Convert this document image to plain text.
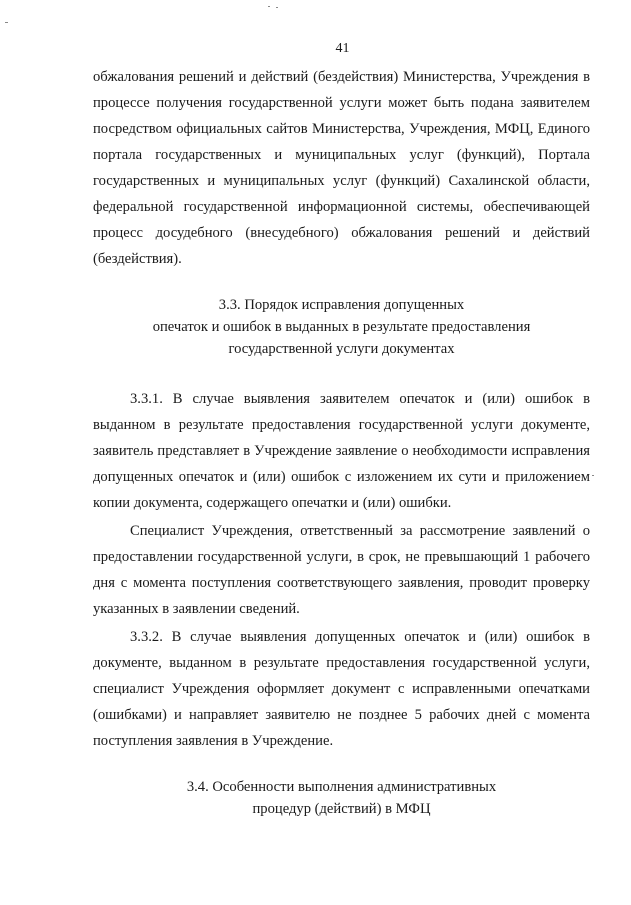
41

обжалования решений и действий (бездействия) Министерства, Учреждения в процессе получения государственной услуги может быть подана заявителем посредством официальных сайтов Министерства, Учреждения, МФЦ, Единого портала государственных и муниципальных услуг (функций), Портала государственных и муниципальных услуг (функций) Сахалинской области, федеральной государственной информационной системы, обеспечивающей процесс досудебного (внесудебного) обжалования решений и действий (бездействия).

3.3. Порядок исправления допущенных

опечаток и ошибок в выданных в результате предоставления

государственной услуги документах

3.3.1. В случае выявления заявителем опечаток и (или) ошибок в выданном в результате предоставления государственной услуги документе, заявитель представляет в Учреждение заявление о необходимости исправления допущенных опечаток и (или) ошибок с изложением их сути и приложением копии документа, содержащего опечатки и (или) ошибки.

Специалист Учреждения, ответственный за рассмотрение заявлений о предоставлении государственной услуги, в срок, не превышающий 1 рабочего дня с момента поступления соответствующего заявления, проводит проверку указанных в заявлении сведений.

3.3.2. В случае выявления допущенных опечаток и (или) ошибок в документе, выданном в результате предоставления государственной услуги, специалист Учреждения оформляет документ с исправленными опечатками (ошибками) и направляет заявителю не позднее 5 рабочих дней с момента поступления заявления в Учреждение.

3.4. Особенности выполнения административных

процедур (действий) в МФЦ
